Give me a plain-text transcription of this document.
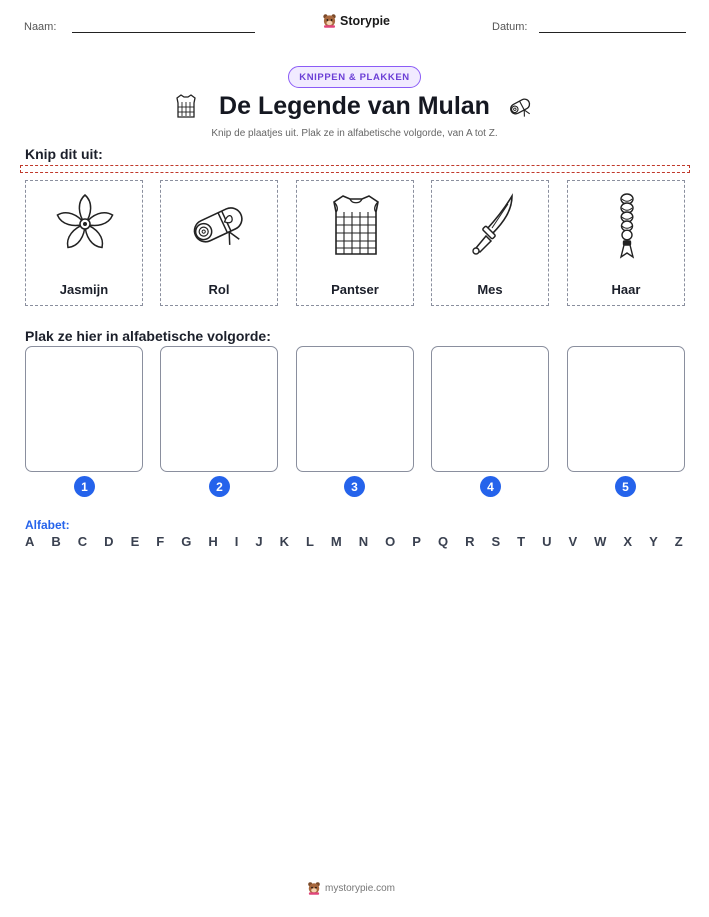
Naam:	Storypie	Datum:
KNIPPEN & PLAKKEN
De Legende van Mulan
Knip de plaatjes uit. Plak ze in alfabetische volgorde, van A tot Z.
Knip dit uit:
Jasmijn	Rol	Pantser	Mes	Haar
Plak ze hier in alfabetische volgorde:
1	2	3	4	5
Alfabet:
A B C D E F G H I J K L M N O P Q R S T U V W X Y Z
mystorypie.com
